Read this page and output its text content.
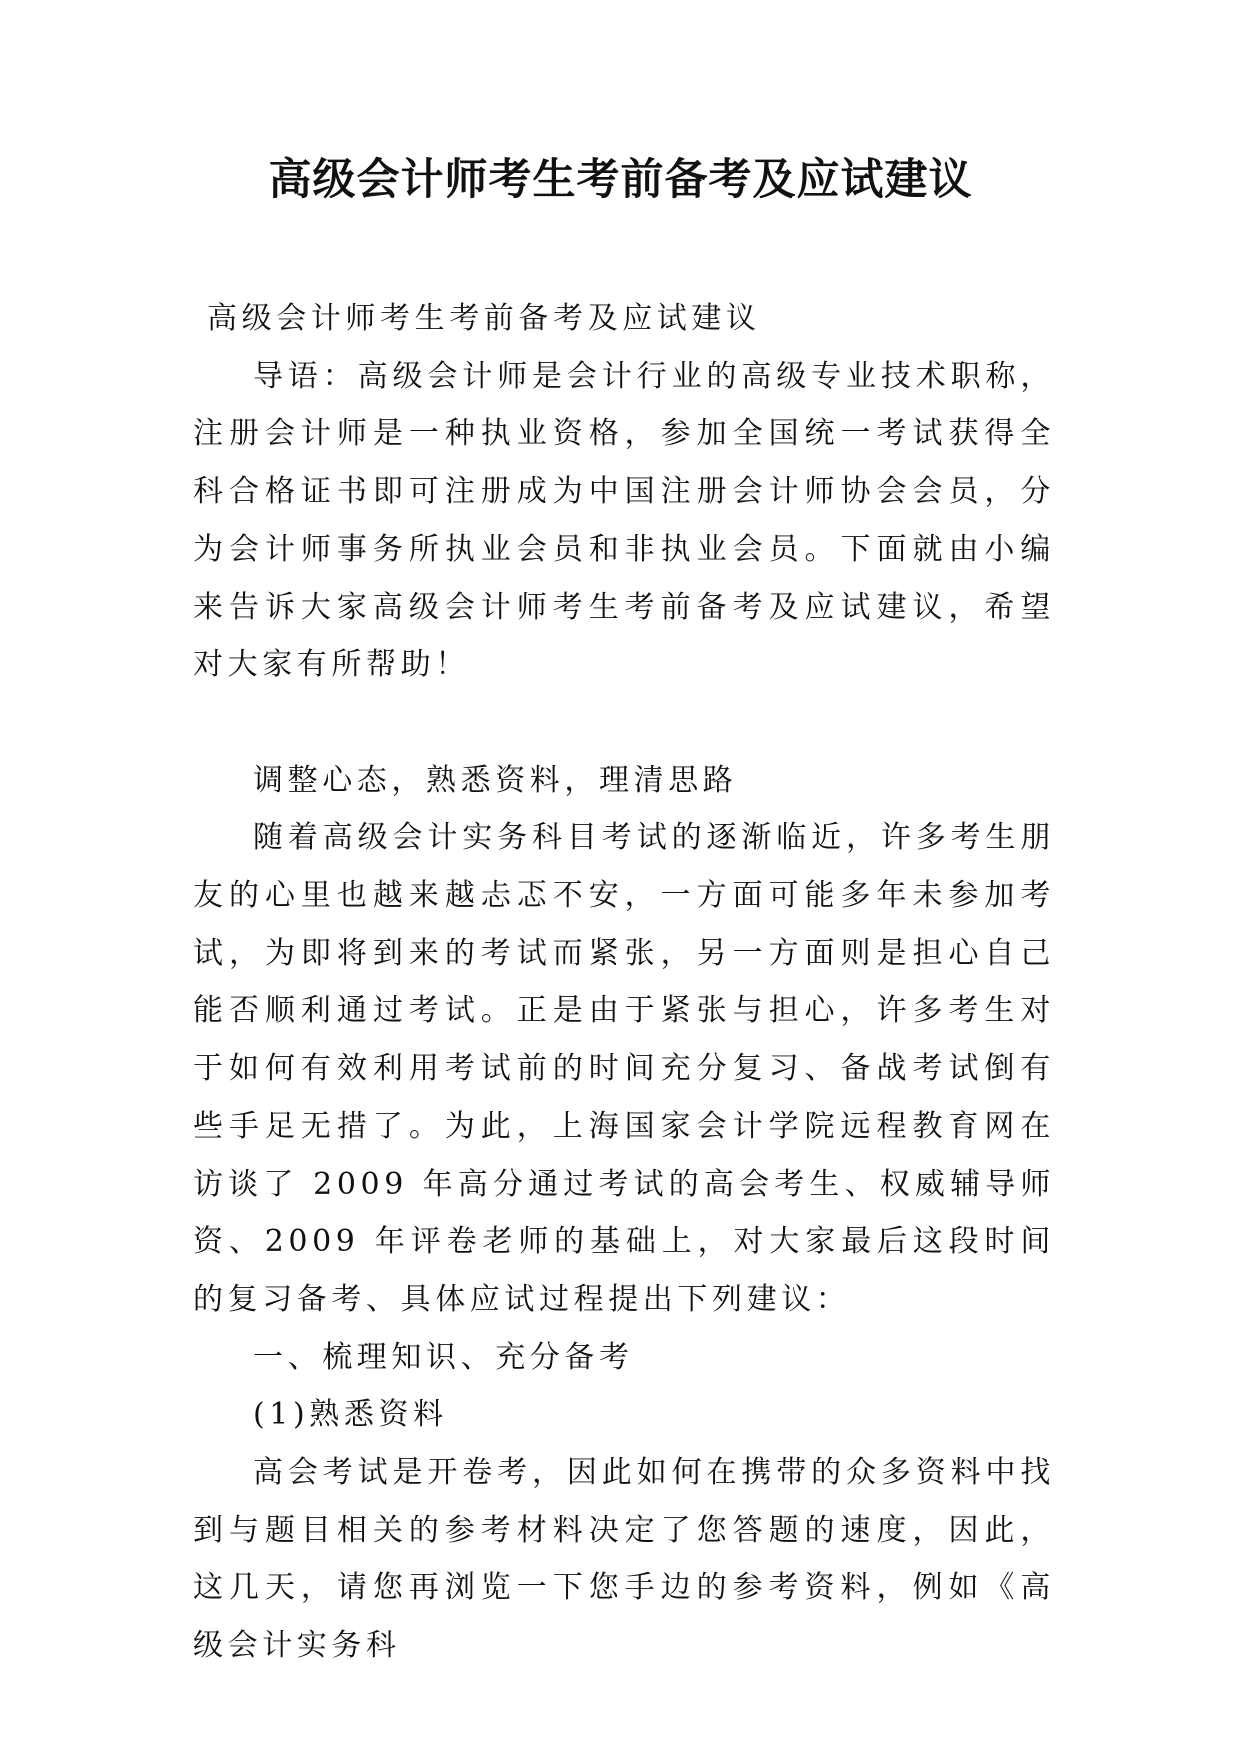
高级会计师考生考前备考及应试建议

高级会计师考生考前备考及应试建议

导语：高级会计师是会计行业的高级专业技术职称，注册会计师是一种执业资格，参加全国统一考试获得全科合格证书即可注册成为中国注册会计师协会会员，分为会计师事务所执业会员和非执业会员。下面就由小编来告诉大家高级会计师考生考前备考及应试建议，希望对大家有所帮助！

调整心态，熟悉资料，理清思路

随着高级会计实务科目考试的逐渐临近，许多考生朋友的心里也越来越忐忑不安，一方面可能多年未参加考试，为即将到来的考试而紧张，另一方面则是担心自己能否顺利通过考试。正是由于紧张与担心，许多考生对于如何有效利用考试前的时间充分复习、备战考试倒有些手足无措了。为此，上海国家会计学院远程教育网在访谈了 2009 年高分通过考试的高会考生、权威辅导师资、2009 年评卷老师的基础上，对大家最后这段时间的复习备考、具体应试过程提出下列建议：

一、梳理知识、充分备考

(1)熟悉资料

高会考试是开卷考，因此如何在携带的众多资料中找到与题目相关的参考材料决定了您答题的速度，因此，这几天，请您再浏览一下您手边的参考资料，例如《高级会计实务科
